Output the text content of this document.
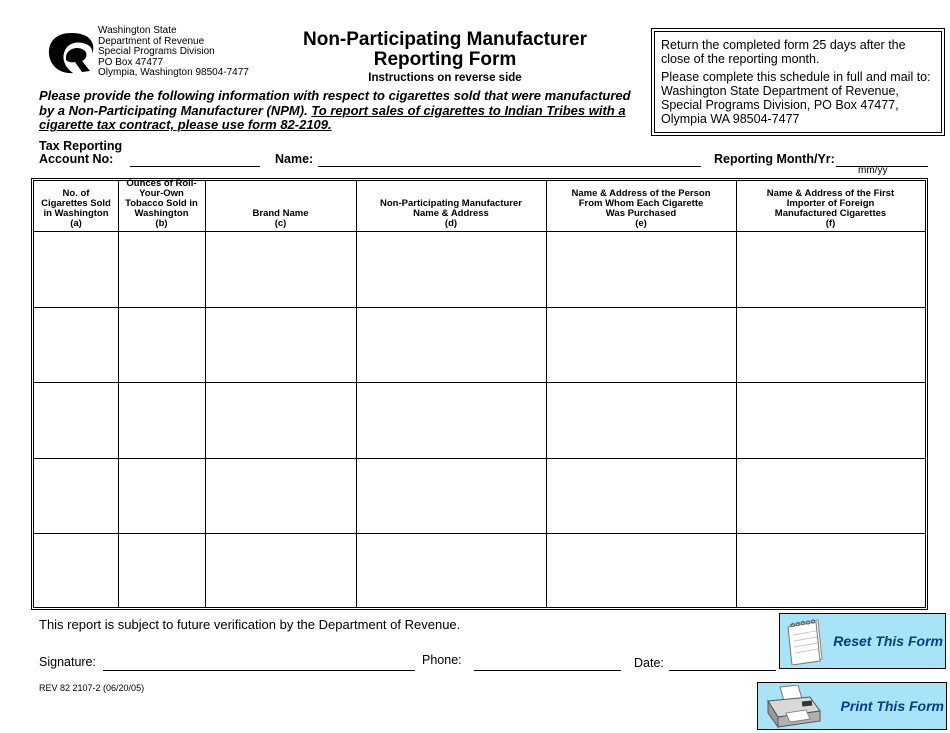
Washington State
Department of Revenue
Special Programs Division
PO Box 47477
Olympia, Washington 98504-7477
Non-Participating Manufacturer
Reporting Form
Instructions on reverse side

Return the completed form 25 days after the close of the reporting month.

Please complete this schedule in full and mail to: Washington State Department of Revenue, Special Programs Division, PO Box 47477, Olympia WA 98504-7477

Please provide the following information with respect to cigarettes sold that were manufactured by a Non-Participating Manufacturer (NPM). To report sales of cigarettes to Indian Tribes with a cigarette tax contract, please use form 82-2109.
Tax Reporting
Account No:	Name:	Reporting Month/Yr:
mm/yy
No. of
Cigarettes Sold
in Washington
(a)
Ounces of Roll-
Your-Own
Tobacco Sold in
Washington
(b)
Brand Name
(c)
Non-Participating Manufacturer
Name & Address
(d)
Name & Address of the Person
From Whom Each Cigarette
Was Purchased
(e)
Name & Address of the First
Importer of Foreign
Manufactured Cigarettes
(f)
This report is subject to future verification by the Department of Revenue.
Signature:	Phone:	Date:
REV 82 2107-2 (06/20/05)
Reset This Form
Print This Form
